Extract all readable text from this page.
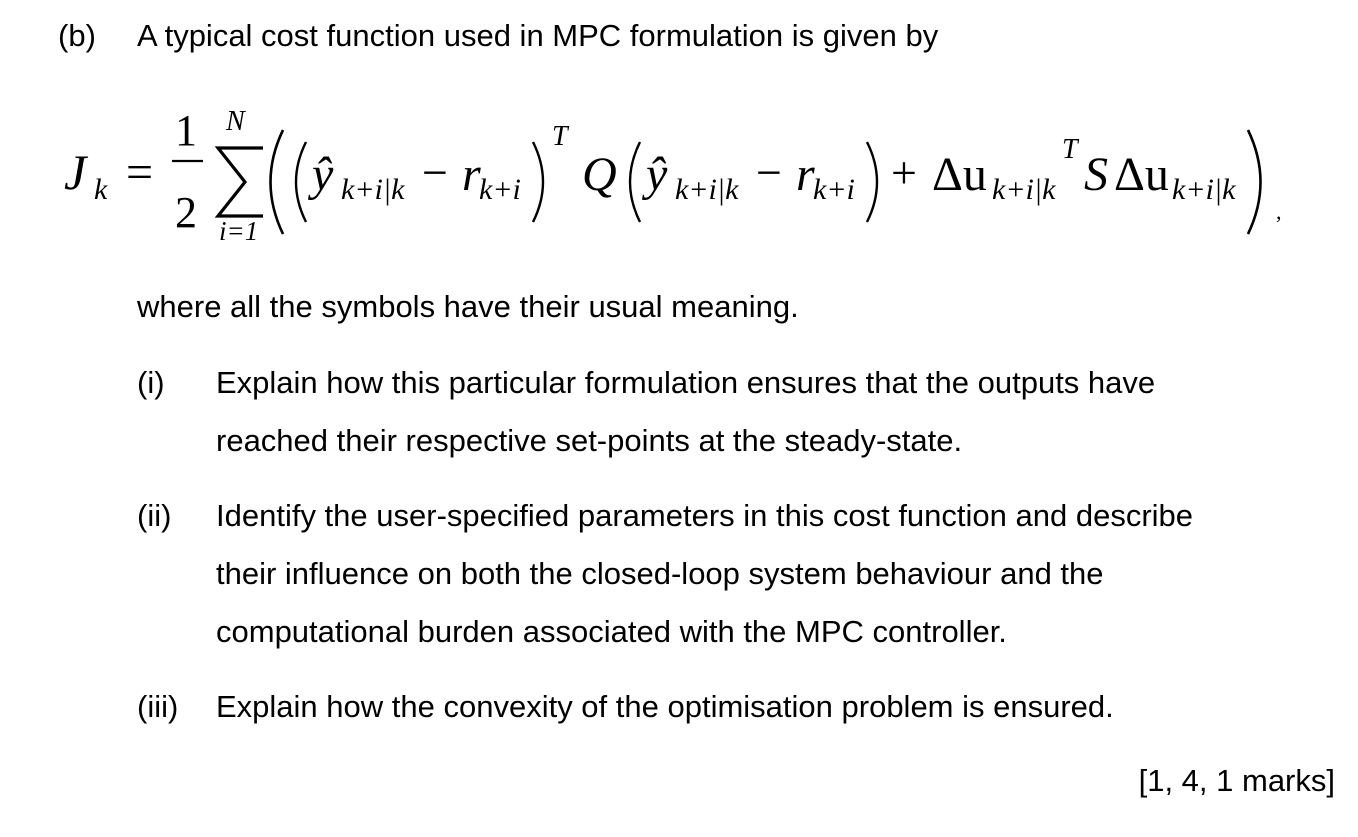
(b) A typical cost function used in MPC formulation is given by
J k =
1
2
N
i=1
ŷ k+i|k − r
k+i
T
Q ŷ k+i|k − r
k+i + Δu k+i|k
T S Δu k+i|k
,
where all the symbols have their usual meaning.
(i) Explain how this particular formulation ensures that the outputs have
reached their respective set-points at the steady-state.
(ii) Identify the user-specified parameters in this cost function and describe
their influence on both the closed-loop system behaviour and the
computational burden associated with the MPC controller.
(iii) Explain how the convexity of the optimisation problem is ensured.
[1, 4, 1 marks]
